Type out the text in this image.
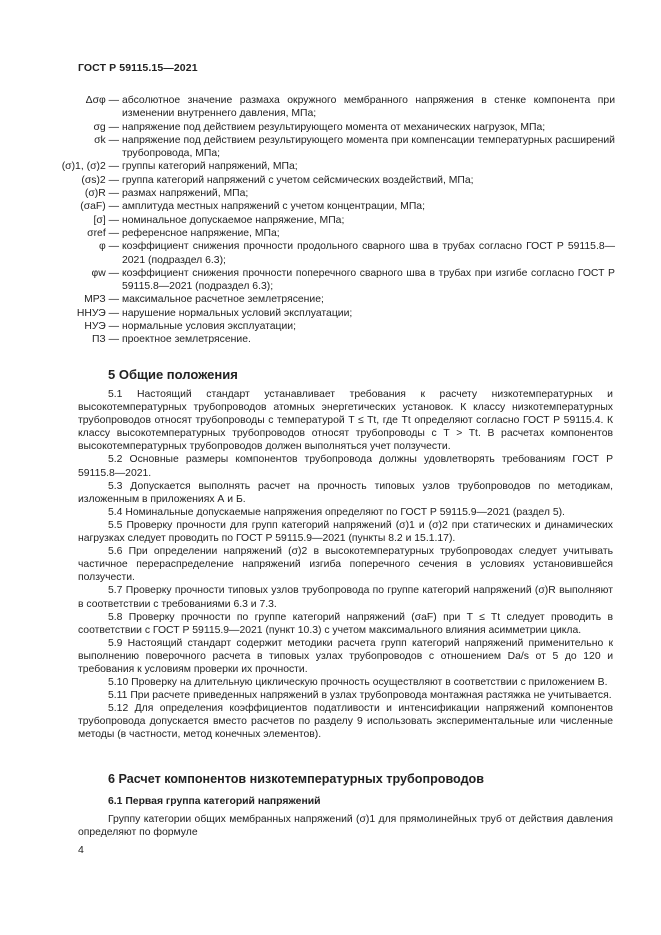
ГОСТ Р 59115.15—2021
Δσφ — абсолютное значение размаха окружного мембранного напряжения в стенке компонента при изменении внутреннего давления, МПа;
σg — напряжение под действием результирующего момента от механических нагрузок, МПа;
σk — напряжение под действием результирующего момента при компенсации температурных расширений трубопровода, МПа;
(σ)1, (σ)2 — группы категорий напряжений, МПа;
(σs)2 — группа категорий напряжений с учетом сейсмических воздействий, МПа;
(σ)R — размах напряжений, МПа;
(σaF) — амплитуда местных напряжений с учетом концентрации, МПа;
[σ] — номинальное допускаемое напряжение, МПа;
σref — референсное напряжение, МПа;
φ — коэффициент снижения прочности продольного сварного шва в трубах согласно ГОСТ Р 59115.8—2021 (подраздел 6.3);
φw — коэффициент снижения прочности поперечного сварного шва в трубах при изгибе согласно ГОСТ Р 59115.8—2021 (подраздел 6.3);
МРЗ — максимальное расчетное землетрясение;
ННУЭ — нарушение нормальных условий эксплуатации;
НУЭ — нормальные условия эксплуатации;
ПЗ — проектное землетрясение.
5 Общие положения

5.1 Настоящий стандарт устанавливает требования к расчету низкотемпературных и высокотемпературных трубопроводов атомных энергетических установок. К классу низкотемпературных трубопроводов относят трубопроводы с температурой T ≤ Tt, где Tt определяют согласно ГОСТ Р 59115.4. К классу высокотемпературных трубопроводов относят трубопроводы с T > Tt. В расчетах компонентов высокотемпературных трубопроводов должен выполняться учет ползучести.

5.2 Основные размеры компонентов трубопровода должны удовлетворять требованиям ГОСТ Р 59115.8—2021.

5.3 Допускается выполнять расчет на прочность типовых узлов трубопроводов по методикам, изложенным в приложениях А и Б.

5.4 Номинальные допускаемые напряжения определяют по ГОСТ Р 59115.9—2021 (раздел 5).

5.5 Проверку прочности для групп категорий напряжений (σ)1 и (σ)2 при статических и динамических нагрузках следует проводить по ГОСТ Р 59115.9—2021 (пункты 8.2 и 15.1.17).

5.6 При определении напряжений (σ)2 в высокотемпературных трубопроводах следует учитывать частичное перераспределение напряжений изгиба поперечного сечения в условиях установившейся ползучести.

5.7 Проверку прочности типовых узлов трубопровода по группе категорий напряжений (σ)R выполняют в соответствии с требованиями 6.3 и 7.3.

5.8 Проверку прочности по группе категорий напряжений (σaF) при T ≤ Tt следует проводить в соответствии с ГОСТ Р 59115.9—2021 (пункт 10.3) с учетом максимального влияния асимметрии цикла.

5.9 Настоящий стандарт содержит методики расчета групп категорий напряжений применительно к выполнению поверочного расчета в типовых узлах трубопроводов с отношением Da/s от 5 до 120 и требования к условиям проверки их прочности.

5.10 Проверку на длительную циклическую прочность осуществляют в соответствии с приложением В.

5.11 При расчете приведенных напряжений в узлах трубопровода монтажная растяжка не учитывается.

5.12 Для определения коэффициентов податливости и интенсификации напряжений компонентов трубопровода допускается вместо расчетов по разделу 9 использовать экспериментальные или численные методы (в частности, метод конечных элементов).

6 Расчет компонентов низкотемпературных трубопроводов
6.1 Первая группа категорий напряжений

Группу категории общих мембранных напряжений (σ)1 для прямолинейных труб от действия давления определяют по формуле

4
